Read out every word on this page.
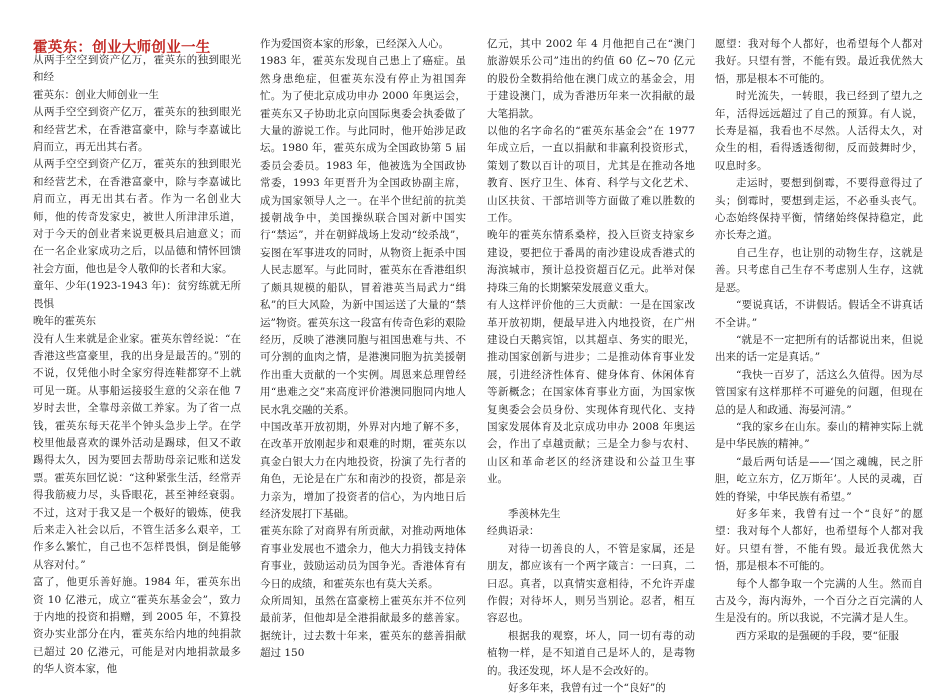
霍英东：创业大师创业一生

从两手空空到资产亿万，霍英东的独到眼光和经

霍英东：创业大师创业一生

从两手空空到资产亿万，霍英东的独到眼光和经营艺术，在香港富豪中，除与李嘉诚比肩而立，再无出其右者。

从两手空空到资产亿万，霍英东的独到眼光和经营艺术，在香港富豪中，除与李嘉诚比肩而立，再无出其右者。作为一名创业大师，他的传奇发家史，被世人所津津乐道，对于今天的创业者来说更极具启迪意义；而在一名企业家成功之后，以品德和情怀回馈社会方面，他也是令人敬仰的长者和大家。

童年、少年(1923-1943 年)：贫穷练就无所畏惧

晚年的霍英东

没有人生来就是企业家。霍英东曾经说：“在香港这些富豪里，我的出身是最苦的。”别的不说，仅凭他小时全家穷得连鞋都穿不上就可见一斑。从事船运接驳生意的父亲在他 7 岁时去世，全靠母亲做工养家。为了省一点钱，霍英东每天花半个钟头急步上学。在学校里他最喜欢的课外活动是踢球，但又不敢踢得太久，因为要回去帮助母亲记账和送发票。霍英东回忆说：“这种紧张生活，经常弄得我筋疲力尽，头昏眼花，甚至神经衰弱。不过，这对于我又是一个极好的锻炼，使我后来走入社会以后，不管生活多么艰辛，工作多么繁忙，自己也不怎样畏惧，倒是能够从容对付。”

富了，他更乐善好施。1984 年，霍英东出资 10 亿港元，成立“霍英东基金会”，致力于内地的投资和捐赠，到 2005 年，不算投资办实业部分在内，霍英东给内地的纯捐款已超过 20 亿港元，可能是对内地捐款最多的华人资本家，他

作为爱国资本家的形象，已经深入人心。

1983 年，霍英东发现自己患上了癌症。虽然身患绝症，但霍英东没有停止为祖国奔忙。为了使北京成功申办 2000 年奥运会，霍英东又子协助北京向国际奥委会执委做了大量的游说工作。与此同时，他开始涉足政坛。1980 年，霍英东成为全国政协第 5 届委员会委员。1983 年，他被选为全国政协常委，1993 年更晋升为全国政协副主席，成为国家领导人之一。在半个世纪前的抗美援朝战争中，美国操纵联合国对新中国实行“禁运”，并在朝鲜战场上发动“绞杀战”，妄图在军事进攻的同时，从物资上扼杀中国人民志愿军。与此同时，霍英东在香港组织了颇具规模的船队，冒着港英当局武力“缉私”的巨大风险，为新中国运送了大量的“禁运”物资。霍英东这一段富有传奇色彩的艰险经历，反映了港澳同胞与祖国患难与共、不可分割的血肉之情，是港澳同胞为抗美援朝作出重大贡献的一个实例。周恩来总理曾经用“患难之交”来高度评价港澳同胞同内地人民水乳交融的关系。

中国改革开放初期，外界对内地了解不多，在改革开放刚起步和艰难的时期，霍英东以真金白银大力在内地投资，扮演了先行者的角色，无论是在广东和南沙的投资，都是亲力亲为，增加了投资者的信心，为内地日后经济发展打下基础。

霍英东除了对商界有所贡献，对推动两地体育事业发展也不遗余力，他大力捐钱支持体育事业，鼓励运动员为国争光。香港体育有今日的成绩，和霍英东也有莫大关系。

众所周知，虽然在富豪榜上霍英东并不位列最前茅，但他却是全港捐献最多的慈善家。据统计，过去数十年来，霍英东的慈善捐献超过 150

亿元，其中 2002 年 4 月他把自己在“澳门旅游娱乐公司”违出的约值 60 亿~70 亿元的股份全数捐给他在澳门成立的基金会，用于建设澳门，成为香港历年来一次捐献的最大笔捐款。

以他的名字命名的“霍英东基金会”在 1977 年成立后，一直以捐献和非赢利投资形式，策划了数以百计的项目，尤其是在推动各地教育、医疗卫生、体育、科学与文化艺术、山区扶贫、干部培训等方面做了难以胜数的工作。

晚年的霍英东情系桑梓，投入巨资支持家乡建设，要把位于番禺的南沙建设成香港式的海滨城市，预计总投资超百亿元。此举对保持珠三角的长期繁荣发展意义重大。

有人这样评价他的三大贡献：一是在国家改革开放初期，便最早进入内地投资，在广州建设白天鹅宾馆，以其超卓、务实的眼光，推动国家创新与进步；二是推动体育事业发展，引进经济性体育、健身体育、休闲体育等新概念；在国家体育事业方面，为国家恢复奥委会会员身份、实现体育现代化、支持国家发展体育及北京成功申办 2008 年奥运会，作出了卓越贡献；三是全力参与农村、山区和革命老区的经济建设和公益卫生事业。

季羡林先生

经典语录：

对待一切善良的人，不管是家属，还是朋友，都应该有一个两字箴言：一曰真，二曰忍。真者，以真情实意相待，不允许弄虚作假；对待坏人，则另当别论。忍者，相互容忍也。

根据我的观察，坏人，同一切有毒的动植物一样，是不知道自己是坏人的，是毒物的。我还发现，坏人是不会改好的。

好多年来，我曾有过一个“良好”的

愿望：我对每个人都好，也希望每个人都对我好。只望有誉，不能有毁。最近我优然大悟，那是根本不可能的。

时光流失，一转眼，我已经到了望九之年，活得远远超过了自己的预算。有人说，长寿是福，我看也不尽然。人活得太久，对众生的相，看得透透彻彻，反而鼓舞时少，叹息时多。

走运时，要想到倒霉，不要得意得过了头；倒霉时，要想到走运，不必垂头丧气。心态始终保持平衡，情绪始终保持稳定，此亦长寿之道。

自己生存，也让别的动物生存，这就是善。只考虑自己生存不考虑别人生存，这就是恶。

“要说真话，不讲假话。假话全不讲真话不全讲。”

“就是不一定把所有的话都说出来，但说出来的话一定是真话。”

“我快一百岁了，活这么久值得。因为尽管国家有这样那样不可避免的问题，但现在总的是人和政通、海晏河清。”

“我的家乡在山东。泰山的精神实际上就是中华民族的精神。”

“最后两句话是——‘国之魂魄，民之肝胆，屹立东方，亿万斯年’。人民的灵魂，百姓的脊梁，中华民族有希望。”

好多年来，我曾有过一个“良好”的愿望：我对每个人都好，也希望每个人都对我好。只望有誉，不能有毁。最近我优然大悟，那是根本不可能的。

每个人都争取一个完满的人生。然而自古及今，海内海外，一个百分之百完满的人生是没有的。所以我说，不完满才是人生。

西方采取的是强硬的手段，要“征服
